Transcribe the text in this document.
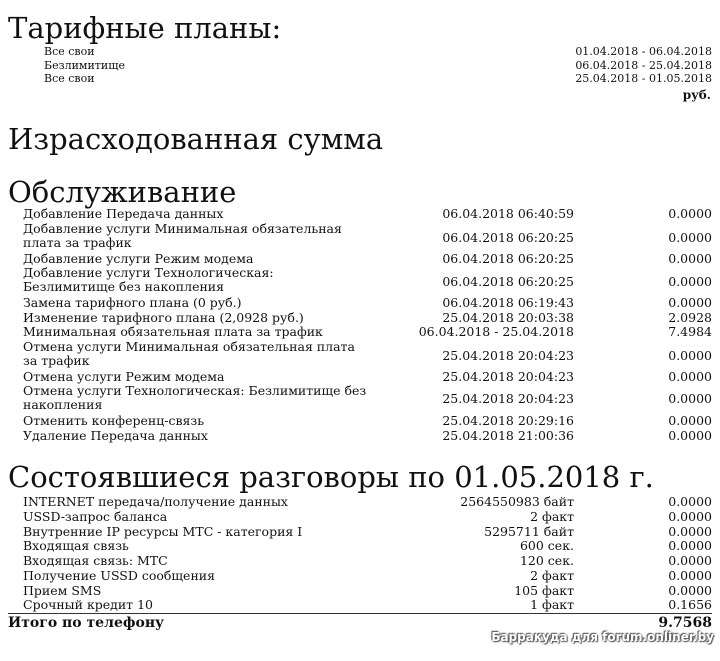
Тарифные планы:
Все свои	01.04.2018 - 06.04.2018
Безлимитище	06.04.2018 - 25.04.2018
Все свои	25.04.2018 - 01.05.2018
руб.
Израсходованная сумма
Обслуживание
Добавление Передача данных	06.04.2018 06:40:59	0.0000
Добавление услуги Минимальная обязательная плата за трафик	06.04.2018 06:20:25	0.0000
Добавление услуги Режим модема	06.04.2018 06:20:25	0.0000
Добавление услуги Технологическая: Безлимитище без накопления	06.04.2018 06:20:25	0.0000
Замена тарифного плана (0 руб.)	06.04.2018 06:19:43	0.0000
Изменение тарифного плана (2,0928 руб.)	25.04.2018 20:03:38	2.0928
Минимальная обязательная плата за трафик	06.04.2018 - 25.04.2018	7.4984
Отмена услуги Минимальная обязательная плата за трафик	25.04.2018 20:04:23	0.0000
Отмена услуги Режим модема	25.04.2018 20:04:23	0.0000
Отмена услуги Технологическая: Безлимитище без накопления	25.04.2018 20:04:23	0.0000
Отменить конференц-связь	25.04.2018 20:29:16	0.0000
Удаление Передача данных	25.04.2018 21:00:36	0.0000
Состоявшиеся разговоры по 01.05.2018 г.
INTERNET передача/получение данных	2564550983 байт	0.0000
USSD-запрос баланса	2 факт	0.0000
Внутренние IP ресурсы МТС - категория I	5295711 байт	0.0000
Входящая связь	600 сек.	0.0000
Входящая связь: МТС	120 сек.	0.0000
Получение USSD сообщения	2 факт	0.0000
Прием SMS	105 факт	0.0000
Срочный кредит 10	1 факт	0.1656
Итого по телефону	9.7568
Барракуда для forum.onliner.by
